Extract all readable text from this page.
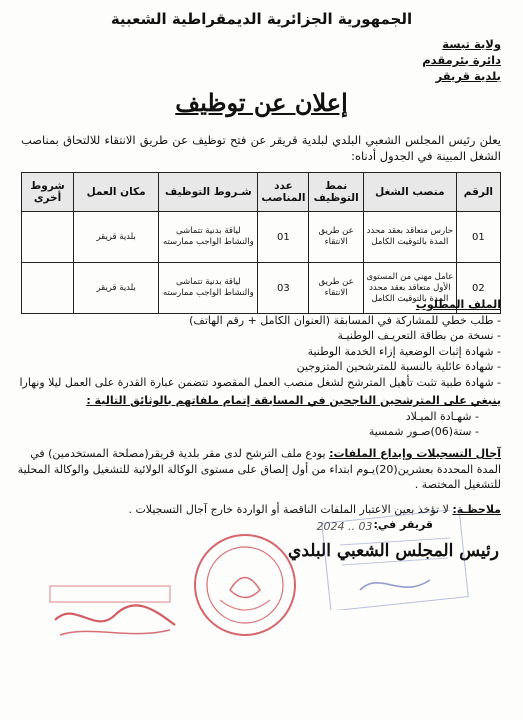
الجمهورية الجزائرية الديمقراطية الشعبية
ولاية تبسة
دائرة بئرمقدم
بلدية قريقر
إعلان عن توظيف
يعلن رئيس المجلس الشعبي البلدي لبلدية قريقر عن فتح توظيف عن طريق الانتقاء للالتحاق بمناصب الشغل المبينة في الجدول أدناه:
الرقم	منصب الشغل	نمط التوظيف	عدد المناصب	شـروط التوظيف	مكان العمل	شروط أخرى
01	حارس متعاقد بعقد محدد المدة بالتوقيت الكامل	عن طريق الانتقاء	01	لياقة بدنية تتماشى والنشاط الواجب ممارسته	بلدية قريقر	
02	عامل مهني من المستوى الأول متعاقد بعقد محدد المدة بالتوقيت الكامل	عن طريق الانتقاء	03	لياقة بدنية تتماشى والنشاط الواجب ممارسته	بلدية قريقر	
الملف المطلوب
- طلب خطي للمشاركة في المسابقة (العنوان الكامل + رقم الهاتف)
- نسخة من بطاقة التعريـف الوطنيـة
- شهادة إثبات الوضعية إزاء الخدمة الوطنية
- شهادة عائلية بالنسبة للمترشحين المتزوجين
- شهادة طبية تثبت تأهيل المترشح لشغل منصب العمل المقصود تتضمن عبارة القدرة على العمل ليلا ونهارا
ينبغي على المترشحين الناجحين في المسابقة إتمام ملفاتهم بالوثائق التالية :
- شهـادة الميـلاد
- ستة(06)صـور شمسية
آجال التسجيلات وإيداع الملفات: يودع ملف الترشح لدى مقر بلدية قريقر(مصلحة المستخدمين) في المدة المحددة بعشرين(20)يـوم ابتداء من أول إلصاق على مستوى الوكالة الولائية للتشغيل والوكالة المحلية للتشغيل المختصة .
ملاحظـة: لا تؤخذ بعين الاعتبار الملفات الناقصة أو الواردة خارج آجال التسجيلات .
قريقر في:
2024 .. 03 ..
رئيس المجلس الشعبي البلدي
